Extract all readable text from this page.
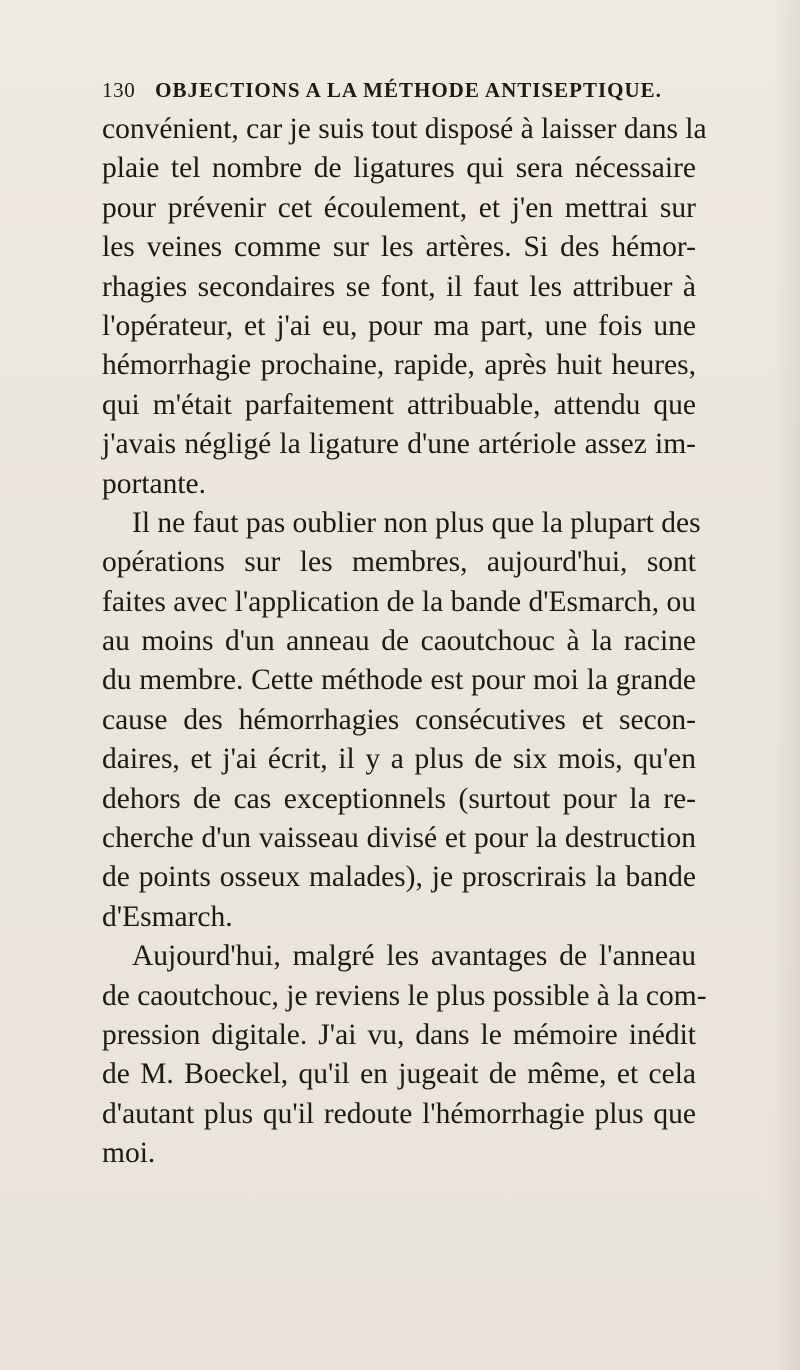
130 OBJECTIONS A LA MÉTHODE ANTISEPTIQUE.
convénient, car je suis tout disposé à laisser dans la
plaie tel nombre de ligatures qui sera nécessaire
pour prévenir cet écoulement, et j'en mettrai sur
les veines comme sur les artères. Si des hémor-
rhagies secondaires se font, il faut les attribuer à
l'opérateur, et j'ai eu, pour ma part, une fois une
hémorrhagie prochaine, rapide, après huit heures,
qui m'était parfaitement attribuable, attendu que
j'avais négligé la ligature d'une artériole assez im-
portante.
Il ne faut pas oublier non plus que la plupart des
opérations sur les membres, aujourd'hui, sont
faites avec l'application de la bande d'Esmarch, ou
au moins d'un anneau de caoutchouc à la racine
du membre. Cette méthode est pour moi la grande
cause des hémorrhagies consécutives et secon-
daires, et j'ai écrit, il y a plus de six mois, qu'en
dehors de cas exceptionnels (surtout pour la re-
cherche d'un vaisseau divisé et pour la destruction
de points osseux malades), je proscrirais la bande
d'Esmarch.
Aujourd'hui, malgré les avantages de l'anneau
de caoutchouc, je reviens le plus possible à la com-
pression digitale. J'ai vu, dans le mémoire inédit
de M. Boeckel, qu'il en jugeait de même, et cela
d'autant plus qu'il redoute l'hémorrhagie plus que
moi.
